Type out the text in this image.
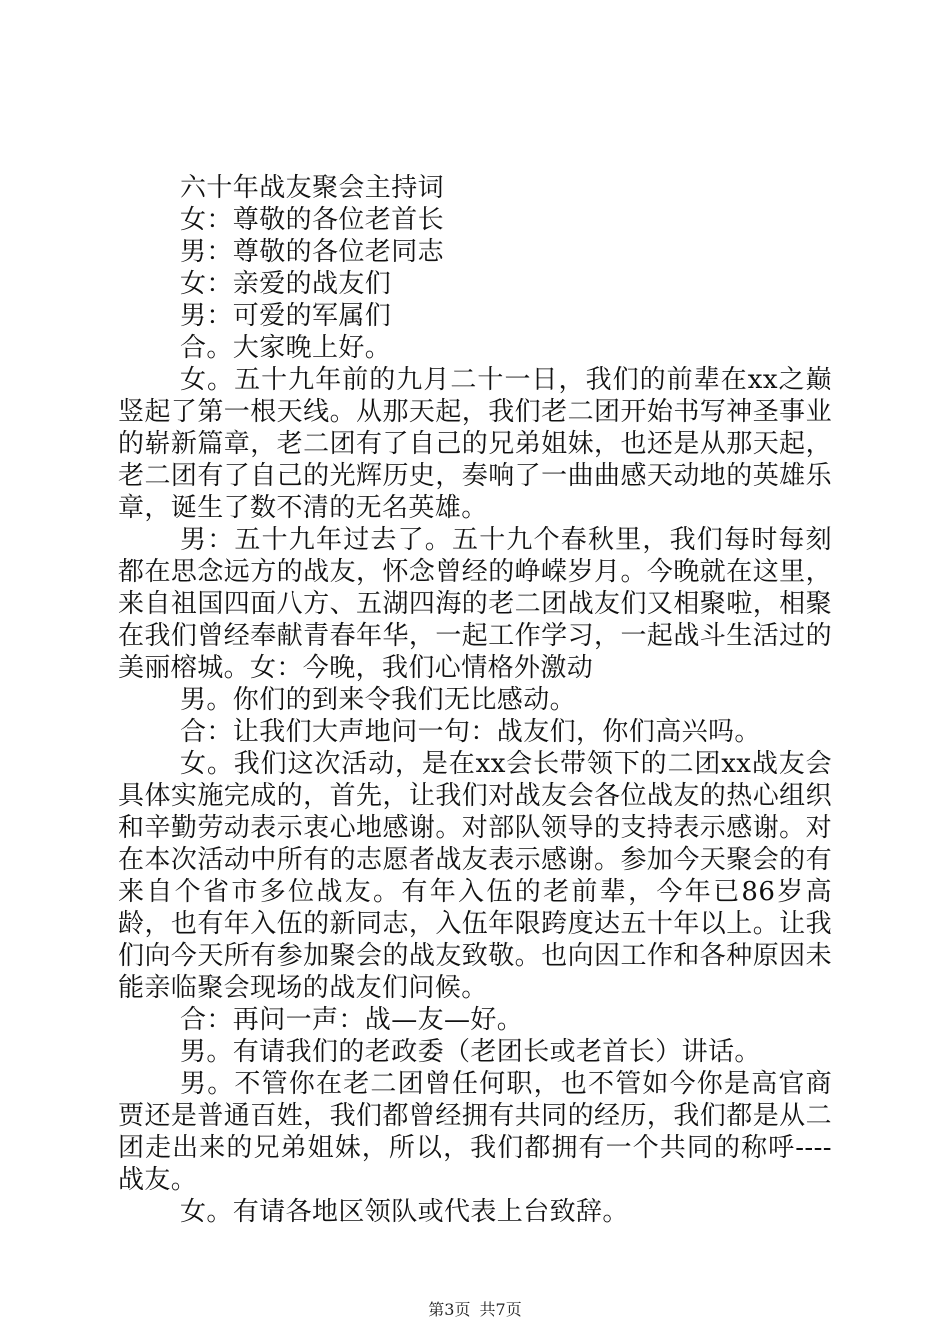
六十年战友聚会主持词

女：尊敬的各位老首长

男：尊敬的各位老同志

女：亲爱的战友们

男：可爱的军属们

合。大家晚上好。

女。五十九年前的九月二十一日，我们的前辈在xx之巅竖起了第一根天线。从那天起，我们老二团开始书写神圣事业的崭新篇章，老二团有了自己的兄弟姐妹，也还是从那天起，老二团有了自己的光辉历史，奏响了一曲曲感天动地的英雄乐章，诞生了数不清的无名英雄。

男：五十九年过去了。五十九个春秋里，我们每时每刻都在思念远方的战友，怀念曾经的峥嵘岁月。今晚就在这里，来自祖国四面八方、五湖四海的老二团战友们又相聚啦，相聚在我们曾经奉献青春年华，一起工作学习，一起战斗生活过的美丽榕城。女：今晚，我们心情格外激动

男。你们的到来令我们无比感动。

合：让我们大声地问一句：战友们，你们高兴吗。

女。我们这次活动，是在xx会长带领下的二团xx战友会具体实施完成的，首先，让我们对战友会各位战友的热心组织和辛勤劳动表示衷心地感谢。对部队领导的支持表示感谢。对在本次活动中所有的志愿者战友表示感谢。参加今天聚会的有来自个省市多位战友。有年入伍的老前辈，今年已86岁高龄，也有年入伍的新同志，入伍年限跨度达五十年以上。让我们向今天所有参加聚会的战友致敬。也向因工作和各种原因未能亲临聚会现场的战友们问候。

合：再问一声：战—友—好。

男。有请我们的老政委（老团长或老首长）讲话。

男。不管你在老二团曾任何职，也不管如今你是高官商贾还是普通百姓，我们都曾经拥有共同的经历，我们都是从二团走出来的兄弟姐妹，所以，我们都拥有一个共同的称呼----战友。

女。有请各地区领队或代表上台致辞。

第3页 共7页
